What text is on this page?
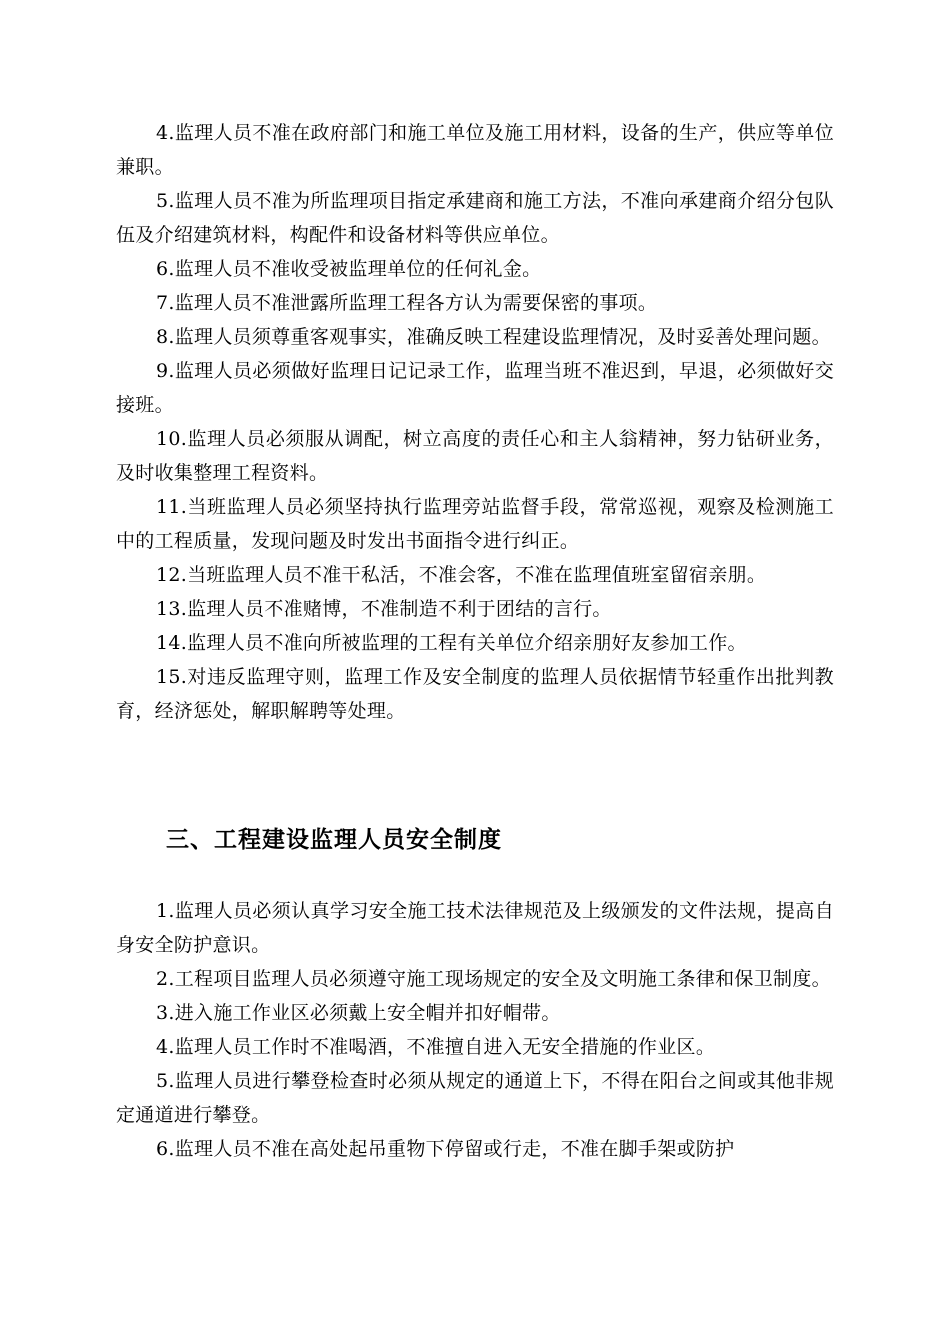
4.监理人员不准在政府部门和施工单位及施工用材料，设备的生产，供应等单位兼职。

5.监理人员不准为所监理项目指定承建商和施工方法，不准向承建商介绍分包队伍及介绍建筑材料，构配件和设备材料等供应单位。

6.监理人员不准收受被监理单位的任何礼金。

7.监理人员不准泄露所监理工程各方认为需要保密的事项。

8.监理人员须尊重客观事实，准确反映工程建设监理情况，及时妥善处理问题。

9.监理人员必须做好监理日记记录工作，监理当班不准迟到，早退，必须做好交接班。

10.监理人员必须服从调配，树立高度的责任心和主人翁精神，努力钻研业务，及时收集整理工程资料。

11.当班监理人员必须坚持执行监理旁站监督手段，常常巡视，观察及检测施工中的工程质量，发现问题及时发出书面指令进行纠正。

12.当班监理人员不准干私活，不准会客，不准在监理值班室留宿亲朋。

13.监理人员不准赌博，不准制造不利于团结的言行。

14.监理人员不准向所被监理的工程有关单位介绍亲朋好友参加工作。

15.对违反监理守则，监理工作及安全制度的监理人员依据情节轻重作出批判教育，经济惩处，解职解聘等处理。

三、工程建设监理人员安全制度

1.监理人员必须认真学习安全施工技术法律规范及上级颁发的文件法规，提高自身安全防护意识。

2.工程项目监理人员必须遵守施工现场规定的安全及文明施工条律和保卫制度。

3.进入施工作业区必须戴上安全帽并扣好帽带。

4.监理人员工作时不准喝酒，不准擅自进入无安全措施的作业区。

5.监理人员进行攀登检查时必须从规定的通道上下，不得在阳台之间或其他非规定通道进行攀登。

6.监理人员不准在高处起吊重物下停留或行走，不准在脚手架或防护
